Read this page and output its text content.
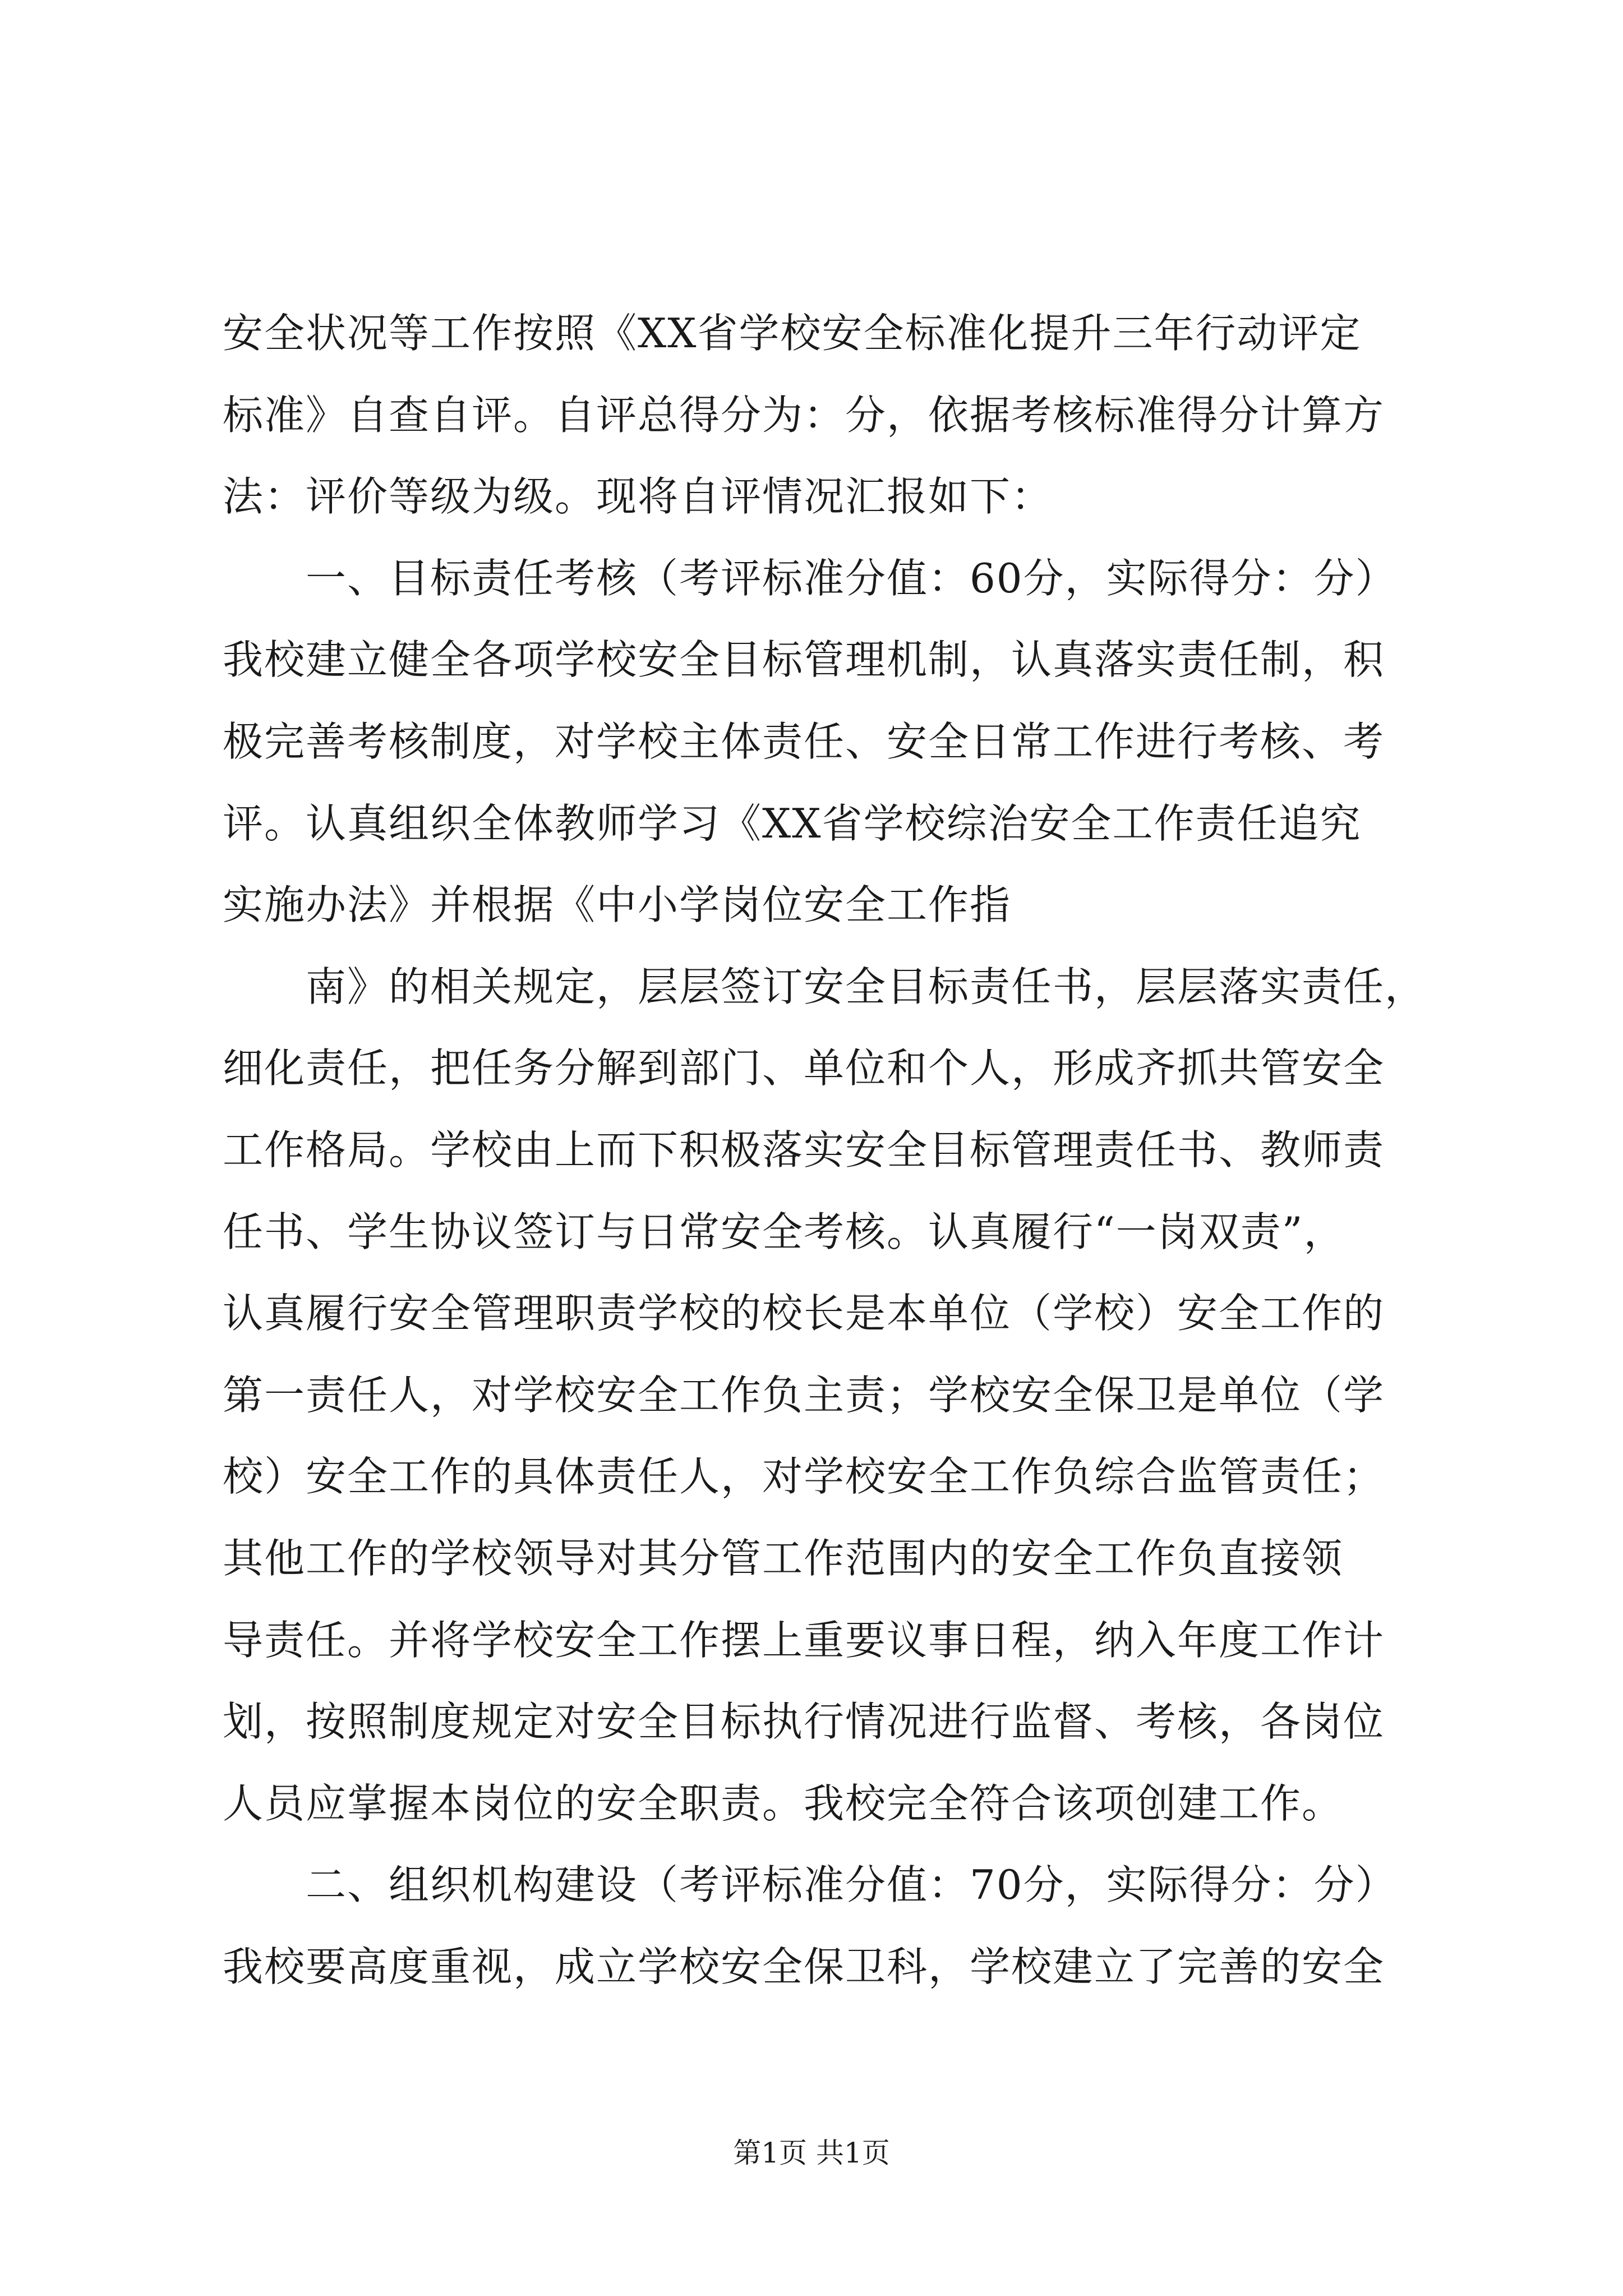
安全状况等工作按照《XX省学校安全标准化提升三年行动评定
标准》自查自评。自评总得分为：分，依据考核标准得分计算方
法：评价等级为级。现将自评情况汇报如下：
一、目标责任考核（考评标准分值：60分，实际得分：分）
我校建立健全各项学校安全目标管理机制，认真落实责任制，积
极完善考核制度，对学校主体责任、安全日常工作进行考核、考
评。认真组织全体教师学习《XX省学校综治安全工作责任追究
实施办法》并根据《中小学岗位安全工作指
南》的相关规定，层层签订安全目标责任书，层层落实责任，
细化责任，把任务分解到部门、单位和个人，形成齐抓共管安全
工作格局。学校由上而下积极落实安全目标管理责任书、教师责
任书、学生协议签订与日常安全考核。认真履行“一岗双责”，
认真履行安全管理职责学校的校长是本单位（学校）安全工作的
第一责任人，对学校安全工作负主责；学校安全保卫是单位（学
校）安全工作的具体责任人，对学校安全工作负综合监管责任；
其他工作的学校领导对其分管工作范围内的安全工作负直接领
导责任。并将学校安全工作摆上重要议事日程，纳入年度工作计
划，按照制度规定对安全目标执行情况进行监督、考核，各岗位
人员应掌握本岗位的安全职责。我校完全符合该项创建工作。
二、组织机构建设（考评标准分值：70分，实际得分：分）
我校要高度重视，成立学校安全保卫科，学校建立了完善的安全
第1页 共1页
